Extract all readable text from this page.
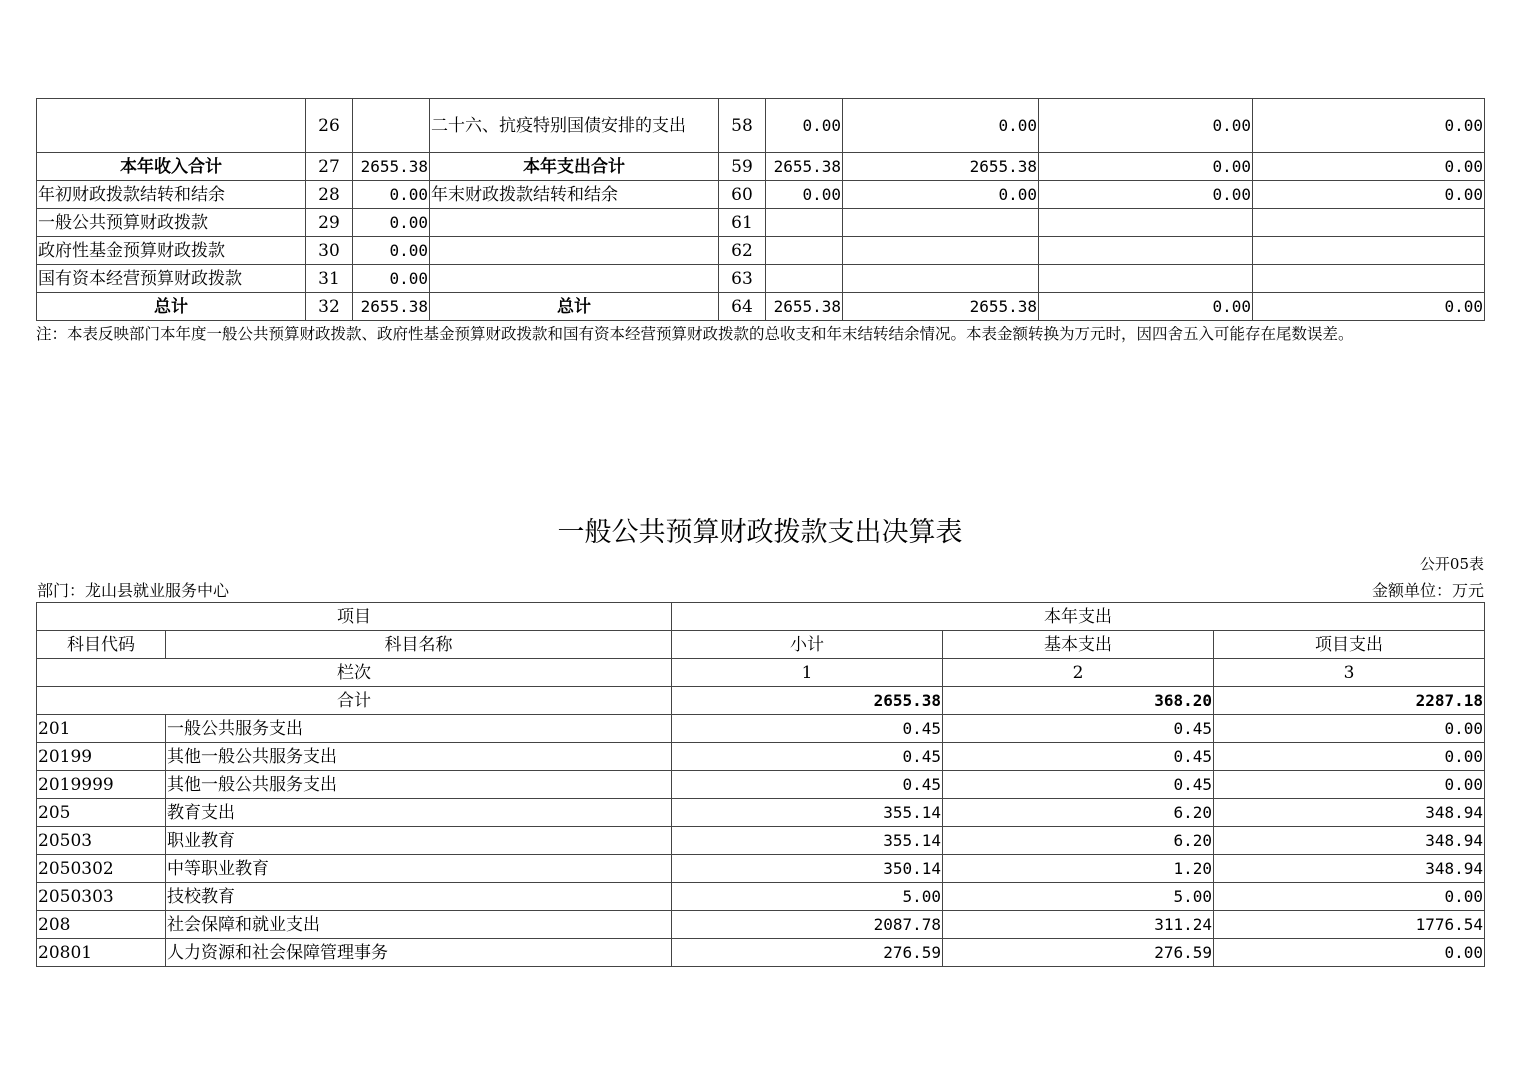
	26		二十六、抗疫特别国债安排的支出	58	0.00	0.00	0.00	0.00
本年收入合计	27	2655.38	本年支出合计	59	2655.38	2655.38	0.00	0.00
年初财政拨款结转和结余	28	0.00	年末财政拨款结转和结余	60	0.00	0.00	0.00	0.00
一般公共预算财政拨款	29	0.00		61				
政府性基金预算财政拨款	30	0.00		62				
国有资本经营预算财政拨款	31	0.00		63				
总计	32	2655.38	总计	64	2655.38	2655.38	0.00	0.00
注：本表反映部门本年度一般公共预算财政拨款、政府性基金预算财政拨款和国有资本经营预算财政拨款的总收支和年末结转结余情况。本表金额转换为万元时，因四舍五入可能存在尾数误差。
一般公共预算财政拨款支出决算表
公开05表
部门：龙山县就业服务中心	金额单位：万元
项目		本年支出		
科目代码	科目名称	小计	基本支出	项目支出
栏次		1	2	3
合计		2655.38	368.20	2287.18
201	一般公共服务支出	0.45	0.45	0.00
20199	其他一般公共服务支出	0.45	0.45	0.00
2019999	其他一般公共服务支出	0.45	0.45	0.00
205	教育支出	355.14	6.20	348.94
20503	职业教育	355.14	6.20	348.94
2050302	中等职业教育	350.14	1.20	348.94
2050303	技校教育	5.00	5.00	0.00
208	社会保障和就业支出	2087.78	311.24	1776.54
20801	人力资源和社会保障管理事务	276.59	276.59	0.00
